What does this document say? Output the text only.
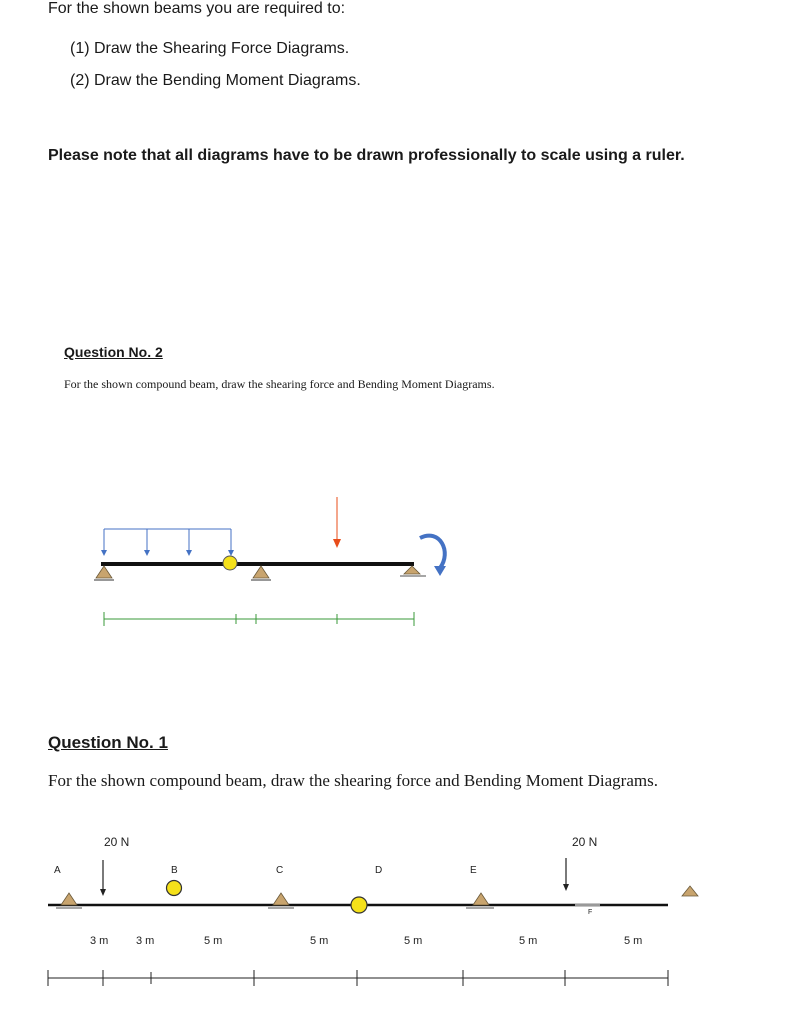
For the shown beams you are required to:
(1) Draw the Shearing Force Diagrams.
(2) Draw the Bending Moment Diagrams.
Please note that all diagrams have to be drawn professionally to scale using a ruler.
Question No. 2
For the shown compound beam, draw the shearing force and Bending Moment Diagrams.
20 N	20 N
A	B	C	D	E
F
3 m	3 m	5 m	5 m	5 m	5 m	5 m
Question No. 1
For the shown compound beam, draw the shearing force and Bending Moment Diagrams.
